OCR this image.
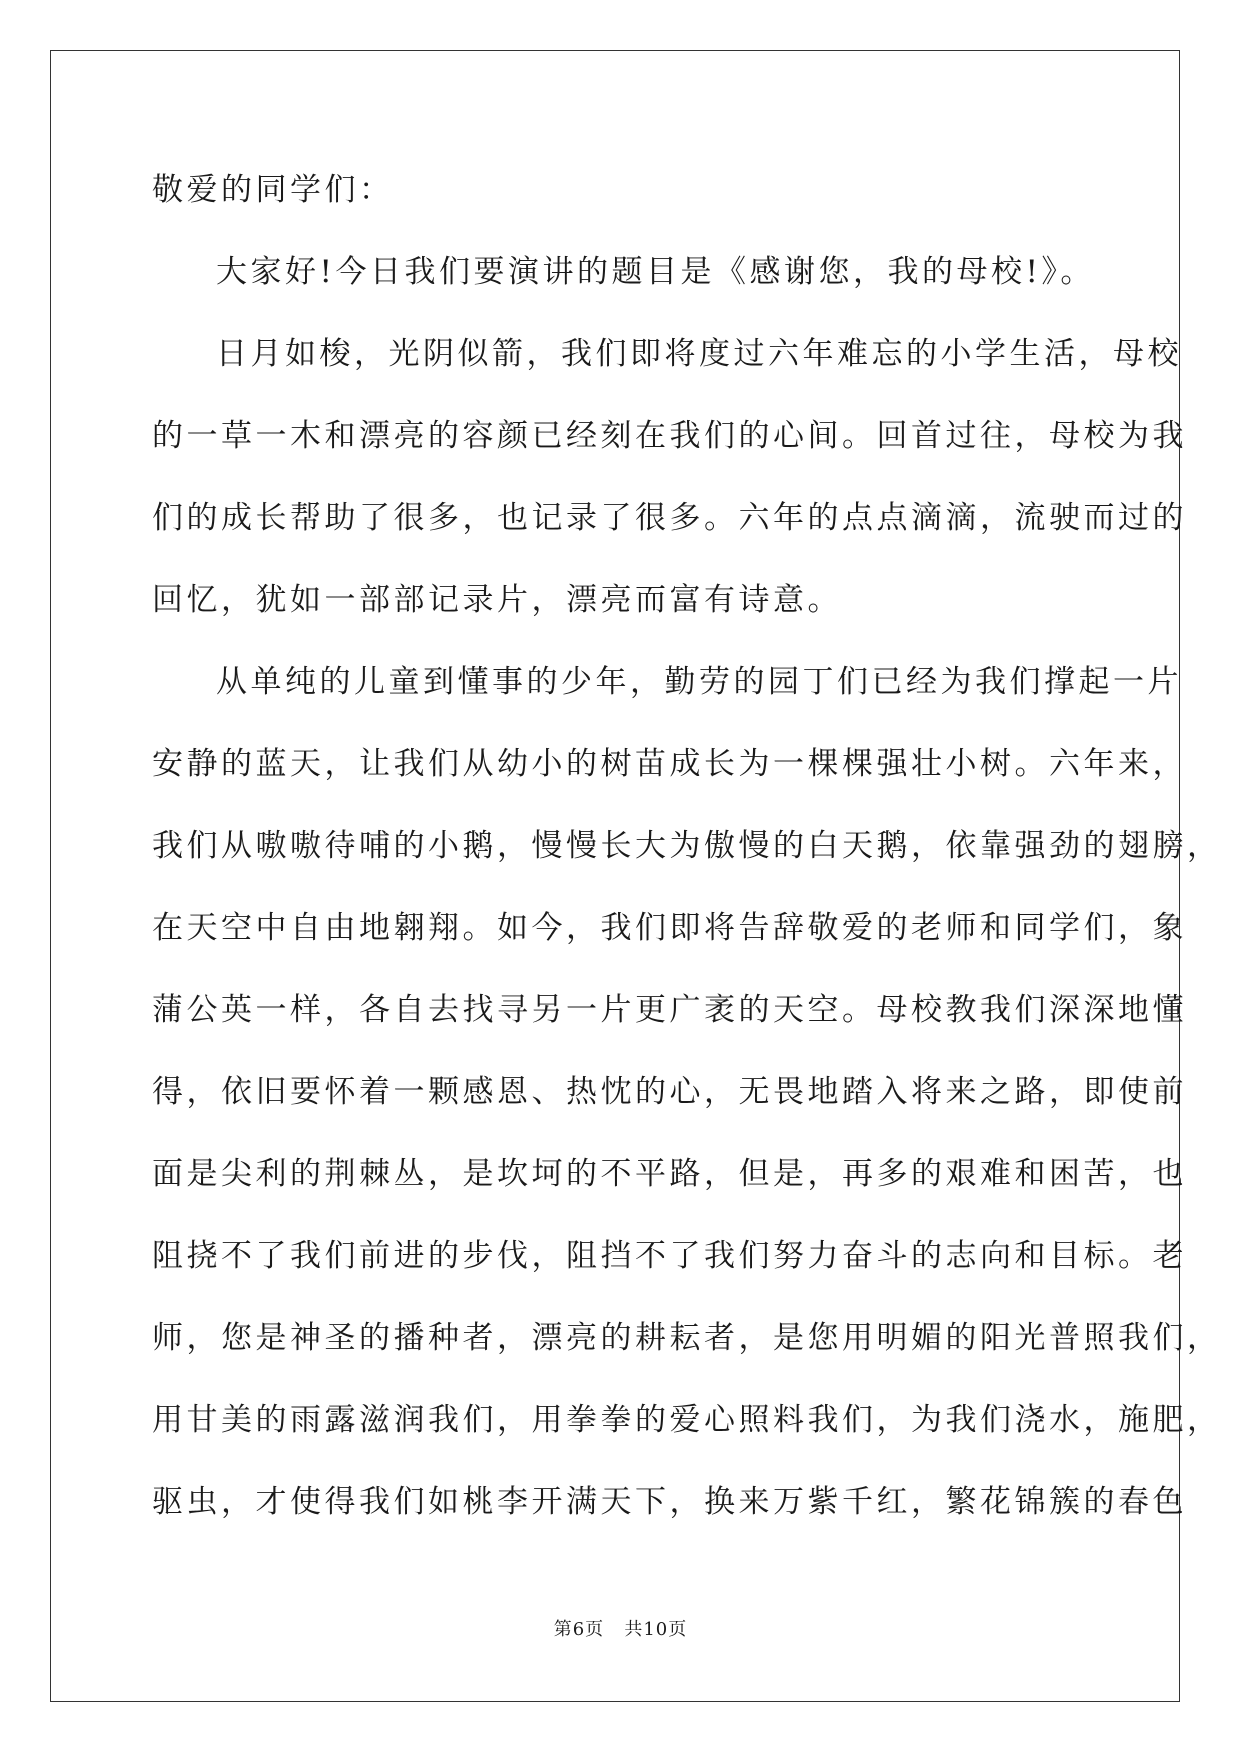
敬爱的同学们：
大家好!今日我们要演讲的题目是《感谢您，我的母校!》。
日月如梭，光阴似箭，我们即将度过六年难忘的小学生活，母校
的一草一木和漂亮的容颜已经刻在我们的心间。回首过往，母校为我
们的成长帮助了很多，也记录了很多。六年的点点滴滴，流驶而过的
回忆，犹如一部部记录片，漂亮而富有诗意。
从单纯的儿童到懂事的少年，勤劳的园丁们已经为我们撑起一片
安静的蓝天，让我们从幼小的树苗成长为一棵棵强壮小树。六年来，
我们从嗷嗷待哺的小鹅，慢慢长大为傲慢的白天鹅，依靠强劲的翅膀，
在天空中自由地翱翔。如今，我们即将告辞敬爱的老师和同学们，象
蒲公英一样，各自去找寻另一片更广袤的天空。母校教我们深深地懂
得，依旧要怀着一颗感恩、热忱的心，无畏地踏入将来之路，即使前
面是尖利的荆棘丛，是坎坷的不平路，但是，再多的艰难和困苦，也
阻挠不了我们前进的步伐，阻挡不了我们努力奋斗的志向和目标。老
师，您是神圣的播种者，漂亮的耕耘者，是您用明媚的阳光普照我们，
用甘美的雨露滋润我们，用拳拳的爱心照料我们，为我们浇水，施肥，
驱虫，才使得我们如桃李开满天下，换来万紫千红，繁花锦簇的春色
第6页 共10页
